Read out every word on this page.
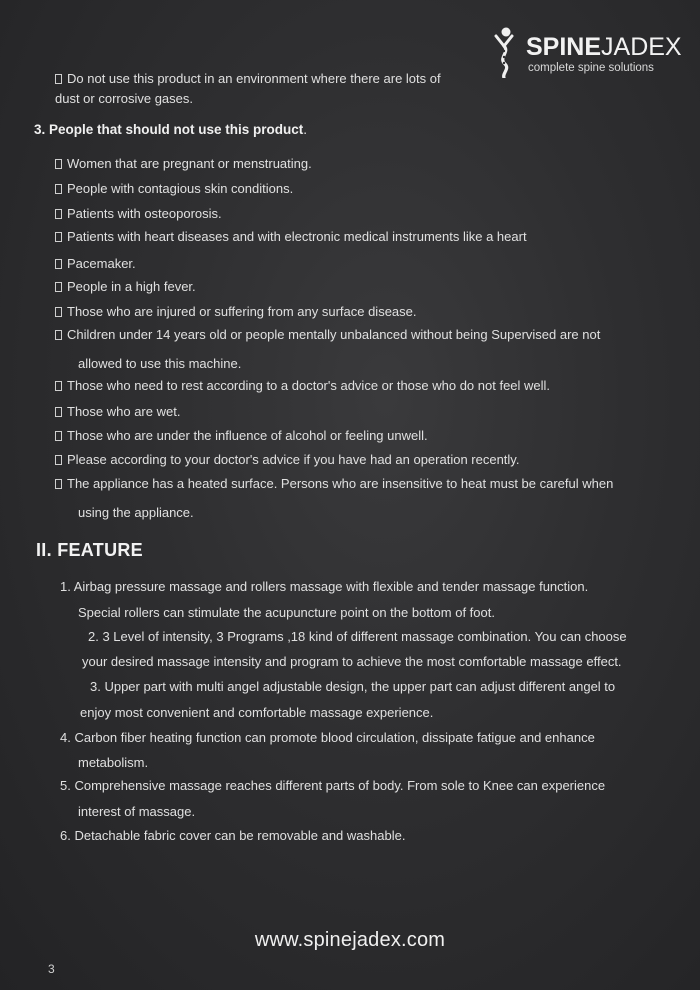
SPINEJADEX
complete spine solutions
Do not use this product in an environment where there are lots of
dust or corrosive gases.
3. People that should not use this product.
Women that are pregnant or menstruating.
People with contagious skin conditions.
Patients with osteoporosis.
Patients with heart diseases and with electronic medical instruments like a heart
Pacemaker.
People in a high fever.
Those who are injured or suffering from any surface disease.
Children under 14 years old or people mentally unbalanced without being Supervised are not
allowed to use this machine.
Those who need to rest according to a doctor's advice or those who do not feel well.
Those who are wet.
Those who are under the influence of alcohol or feeling unwell.
Please according to your doctor's advice if you have had an operation recently.
The appliance has a heated surface. Persons who are insensitive to heat must be careful when
using the appliance.
II. FEATURE
1. Airbag pressure massage and rollers massage with flexible and tender massage function.
Special rollers can stimulate the acupuncture point on the bottom of foot.
2. 3 Level of intensity, 3 Programs ,18 kind of different massage combination. You can choose
your desired massage intensity and program to achieve the most comfortable massage effect.
3. Upper part with multi angel adjustable design, the upper part can adjust different angel to
enjoy most convenient and comfortable massage experience.
4. Carbon fiber heating function can promote blood circulation, dissipate fatigue and enhance
metabolism.
5. Comprehensive massage reaches different parts of body. From sole to Knee can experience
interest of massage.
6. Detachable fabric cover can be removable and washable.
www.spinejadex.com
3
